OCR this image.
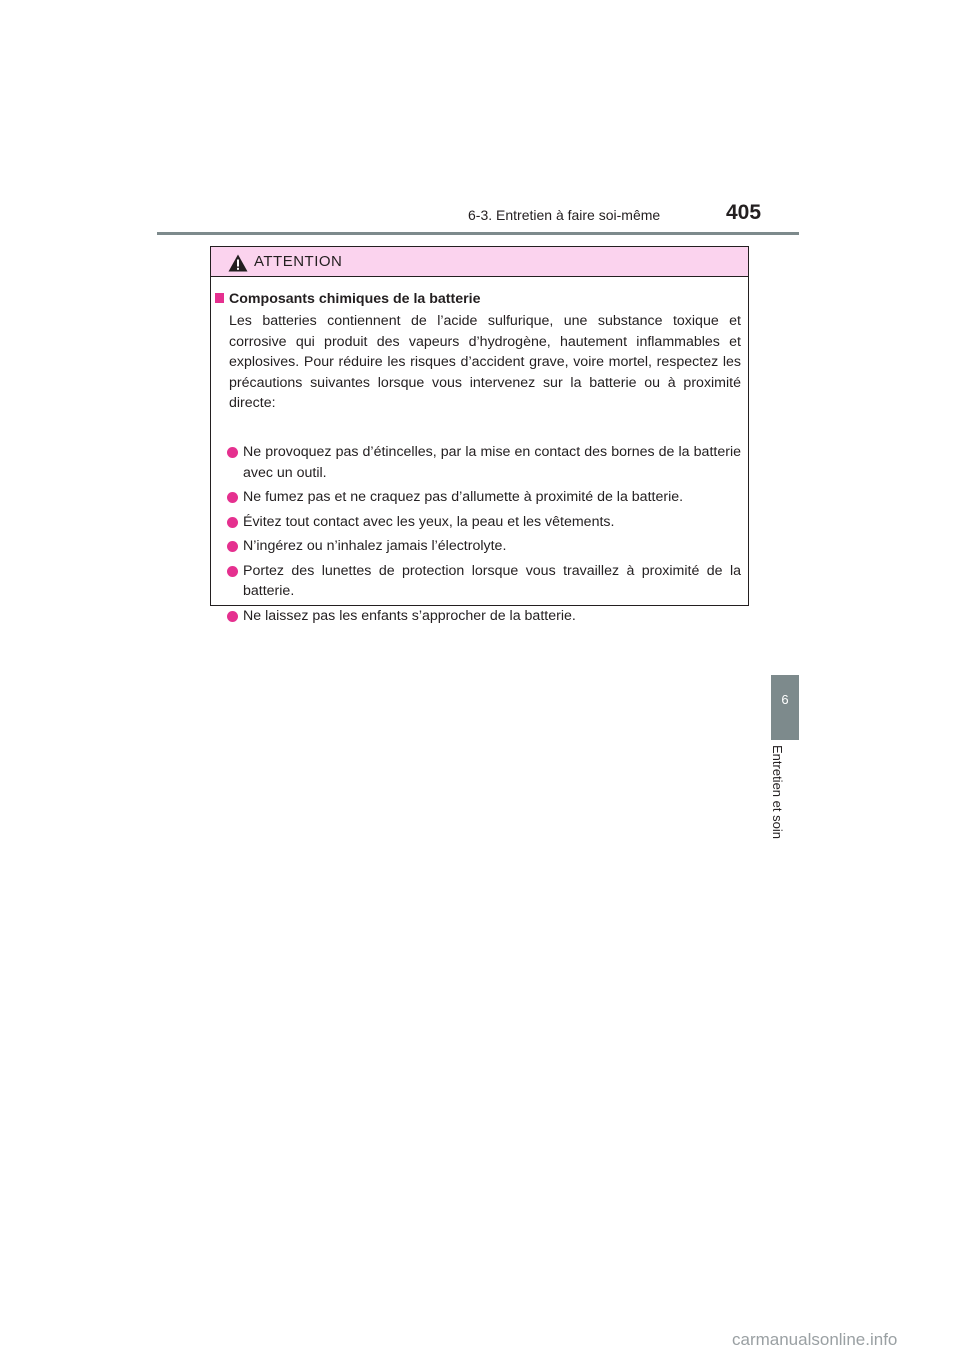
6-3. Entretien à faire soi-même	405
ATTENTION
Composants chimiques de la batterie

Les batteries contiennent de l’acide sulfurique, une substance toxique et corrosive qui produit des vapeurs d’hydrogène, hautement inflammables et explosives. Pour réduire les risques d’accident grave, voire mortel, respectez les précautions suivantes lorsque vous intervenez sur la batterie ou à proximité directe:

Ne provoquez pas d’étincelles, par la mise en contact des bornes de la batterie avec un outil.
Ne fumez pas et ne craquez pas d’allumette à proximité de la batterie.
Évitez tout contact avec les yeux, la peau et les vêtements.
N’ingérez ou n’inhalez jamais l’électrolyte.
Portez des lunettes de protection lorsque vous travaillez à proximité de la batterie.
Ne laissez pas les enfants s’approcher de la batterie.
6
Entretien et soin
carmanualsonline.info
